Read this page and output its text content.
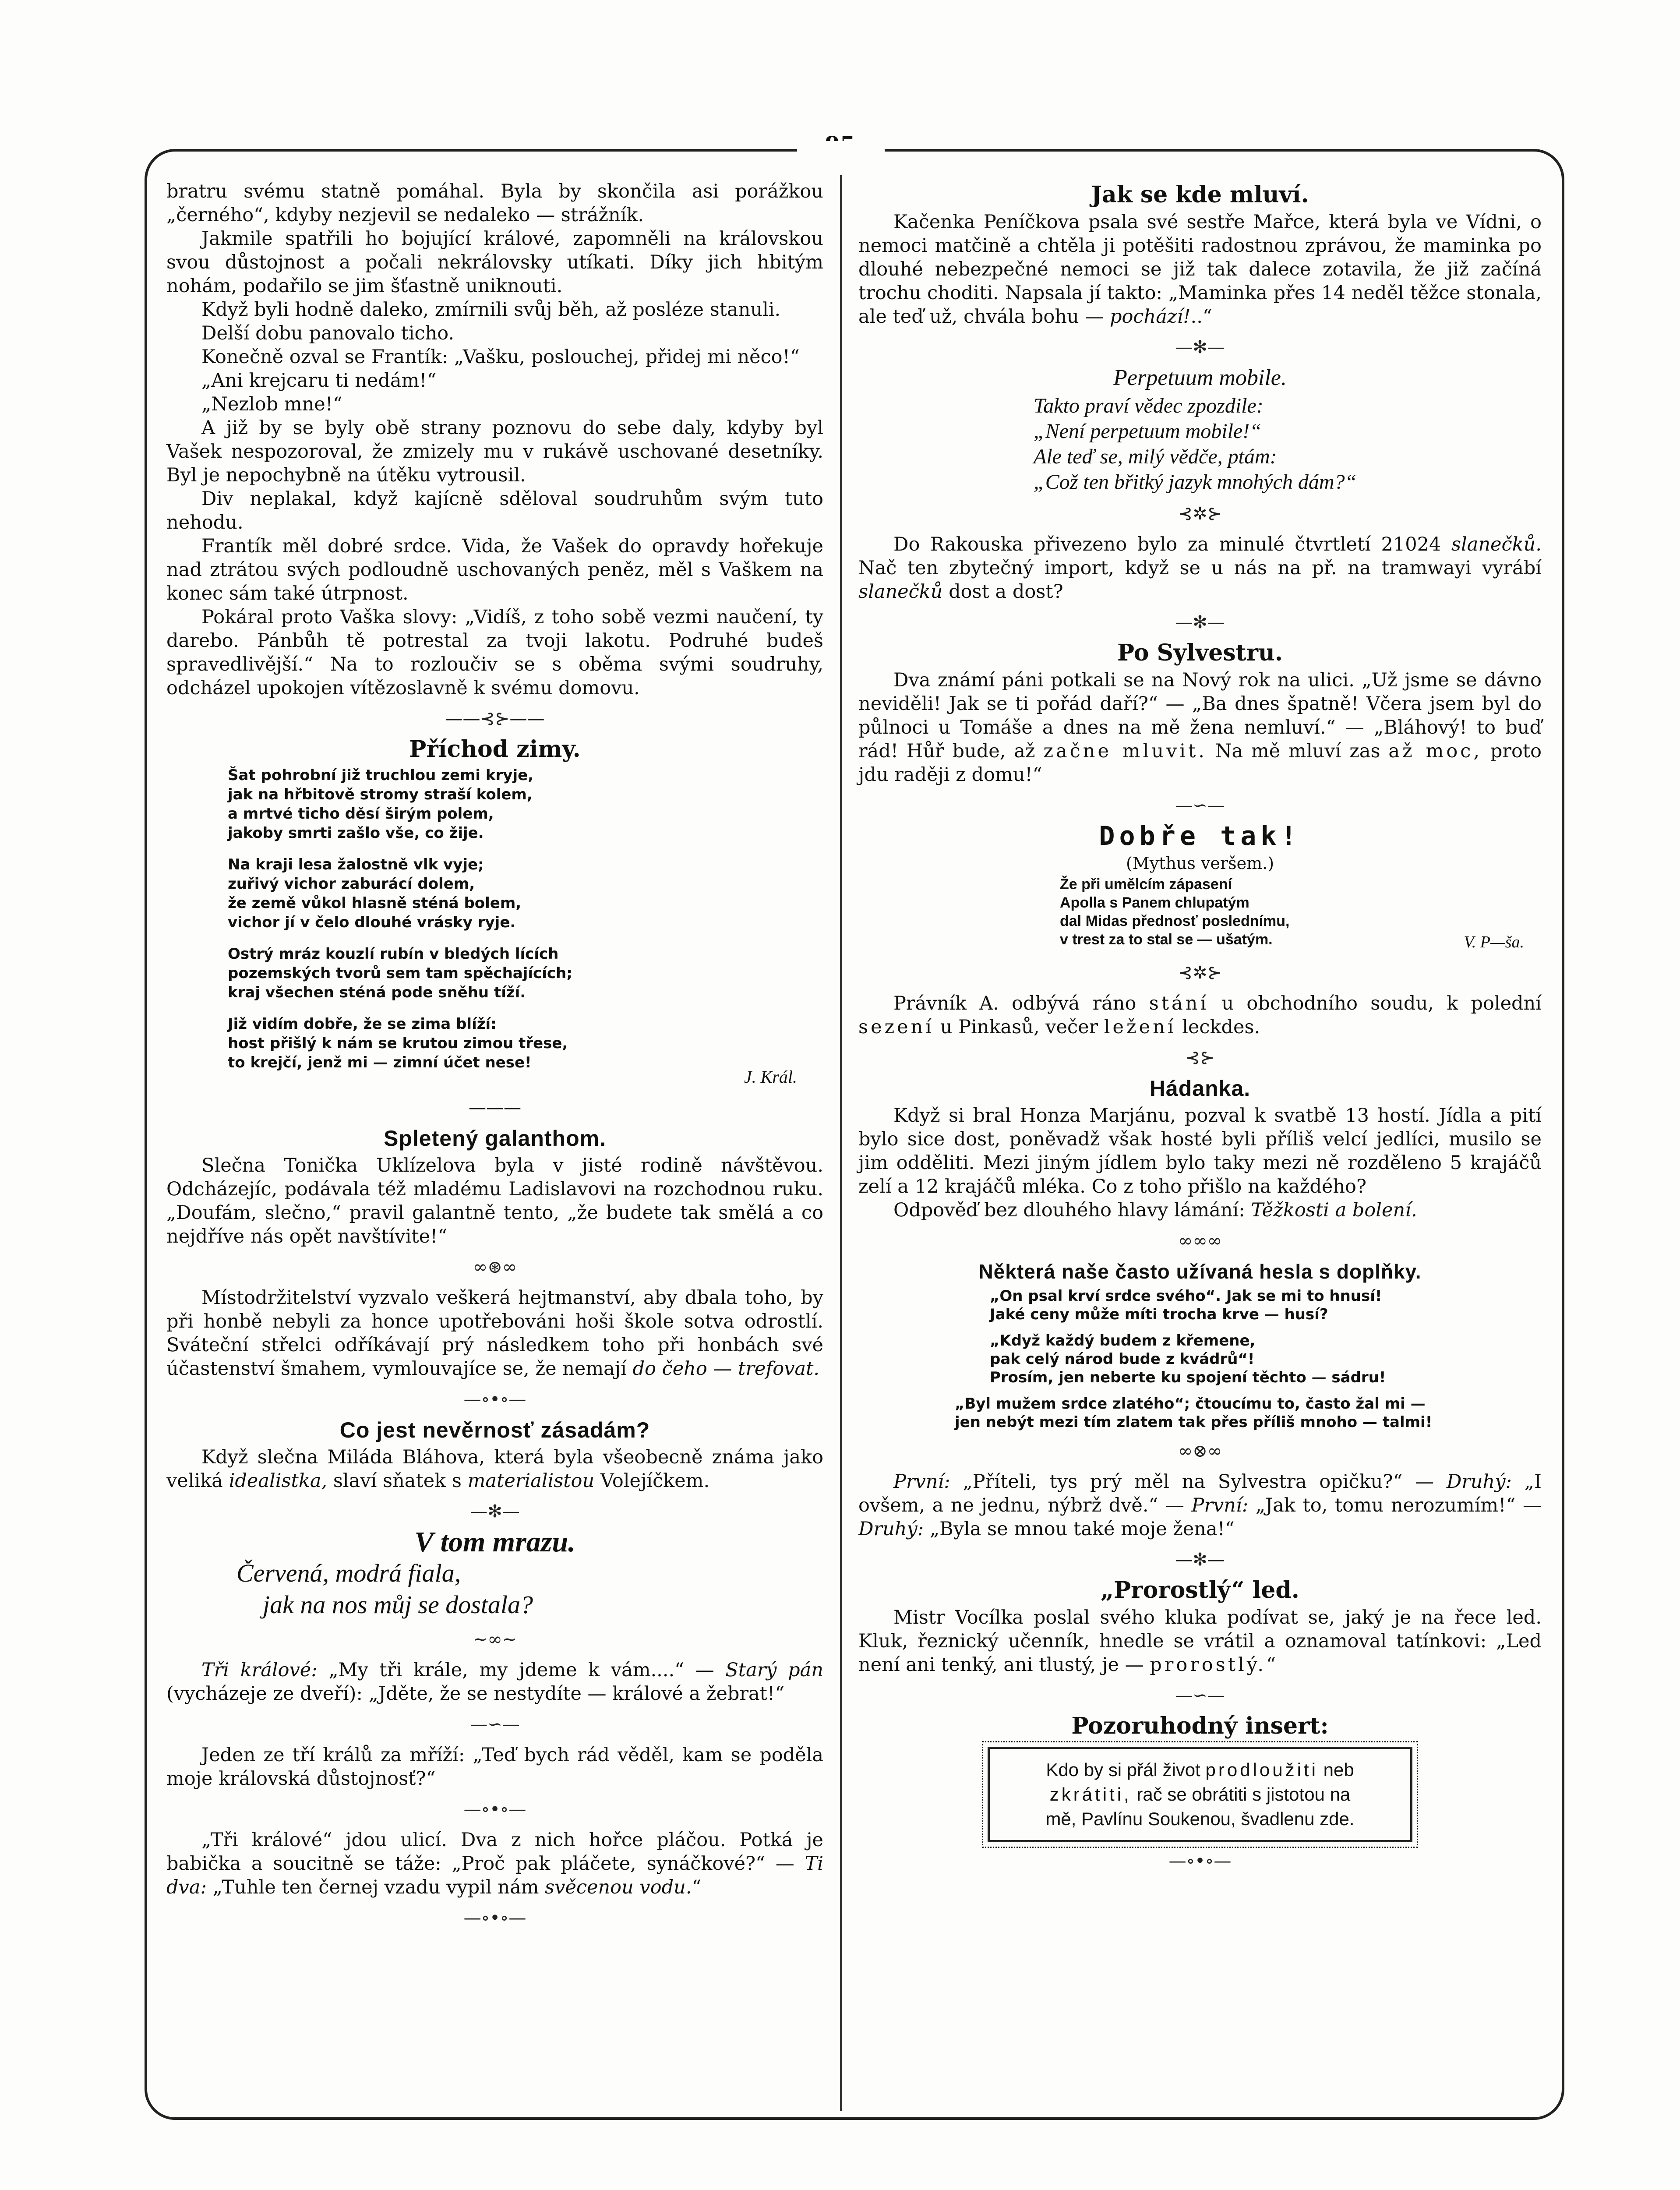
bratru svému statně pomáhal. Byla by skončila asi porážkou „černého“, kdyby nezjevil se nedaleko — strážník.

Jakmile spatřili ho bojující králové, zapomněli na královskou svou důstojnost a počali nekrálovsky utíkati. Díky jich hbitým nohám, podařilo se jim šťastně uniknouti.

Když byli hodně daleko, zmírnili svůj běh, až posléze stanuli.

Delší dobu panovalo ticho.

Konečně ozval se Frantík: „Vašku, poslouchej, přidej mi něco!“

„Ani krejcaru ti nedám!“

„Nezlob mne!“

A již by se byly obě strany poznovu do sebe daly, kdyby byl Vašek nespozoroval, že zmizely mu v rukávě uschované desetníky. Byl je nepochybně na útěku vytrousil.

Div neplakal, když kajícně sděloval soudruhům svým tuto nehodu.

Frantík měl dobré srdce. Vida, že Vašek do opravdy hořekuje nad ztrátou svých podloudně uschovaných peněz, měl s Vaškem na konec sám také útrpnost.

Pokáral proto Vaška slovy: „Vidíš, z toho sobě vezmi naučení, ty darebo. Pánbůh tě potrestal za tvoji lakotu. Podruhé budeš spravedlivější.“ Na to rozloučiv se s oběma svými soudruhy, odcházel upokojen vítězoslavně k svému domovu.

——⊰⊱——
Příchod zimy.

Šat pohrobní již truchlou zemi kryje,

jak na hřbitově stromy straší kolem,

a mrtvé ticho děsí širým polem,

jakoby smrti zašlo vše, co žije.

Na kraji lesa žalostně vlk vyje;

zuřivý vichor zaburácí dolem,

že země vůkol hlasně sténá bolem,

vichor jí v čelo dlouhé vrásky ryje.

Ostrý mráz kouzlí rubín v bledých lících

pozemských tvorů sem tam spěchajících;

kraj všechen sténá pode sněhu tíží.

Již vidím dobře, že se zima blíží:

host přišlý k nám se krutou zimou třese,

to krejčí, jenž mi — zimní účet nese!

J. Král.
———
Spletený galanthom.

Slečna Tonička Uklízelova byla v jisté rodině návštěvou. Odcházejíc, podávala též mladému Ladislavovi na rozchodnou ruku. „Doufám, slečno,“ pravil galantně tento, „že budete tak smělá a co nejdříve nás opět navštívite!“

∞⊛∞

Místodržitelství vyzvalo veškerá hejtmanství, aby dbala toho, by při honbě nebyli za honce upotřebováni hoši škole sotva odrostlí. Sváteční střelci odříkávají prý následkem toho při honbách své účastenství šmahem, vymlouvajíce se, že nemají do čeho — trefovat.

—∘•∘—
Co jest nevěrnosť zásadám?

Když slečna Miláda Bláhova, která byla všeobecně známa jako veliká idealistka, slaví sňatek s materialistou Volejíčkem.

—✻—
V tom mrazu.

Červená, modrá fiala,

jak na nos můj se dostala?

~∞~

Tři králové: „My tři krále, my jdeme k vám....“ — Starý pán (vycházeje ze dveří): „Jděte, že se nestydíte — králové a žebrat!“

—∽—

Jeden ze tří králů za mříží: „Teď bych rád věděl, kam se poděla moje královská důstojnosť?“

—∘•∘—

„Tři králové“ jdou ulicí. Dva z nich hořce pláčou. Potká je babička a soucitně se táže: „Proč pak pláčete, synáčkové?“ — Ti dva: „Tuhle ten černej vzadu vypil nám svěcenou vodu.“

—∘•∘—
Jak se kde mluví.

Kačenka Peníčkova psala své sestře Mařce, která byla ve Vídni, o nemoci matčině a chtěla ji potěšiti radostnou zprávou, že maminka po dlouhé nebezpečné nemoci se již tak dalece zotavila, že již začíná trochu choditi. Napsala jí takto: „Maminka přes 14 neděl těžce stonala, ale teď už, chvála bohu — pochází!..“

—✻—
Perpetuum mobile.

Takto praví vědec zpozdile:

„Není perpetuum mobile!“

Ale teď se, milý vědče, ptám:

„Což ten břitký jazyk mnohých dám?“

⊰✲⊱

Do Rakouska přivezeno bylo za minulé čtvrtletí 21024 slanečků. Nač ten zbytečný import, když se u nás na př. na tramwayi vyrábí slanečků dost a dost?

—✻—
Po Sylvestru.

Dva známí páni potkali se na Nový rok na ulici. „Už jsme se dávno neviděli! Jak se ti pořád daří?“ — „Ba dnes špatně! Včera jsem byl do půlnoci u Tomáše a dnes na mě žena nemluví.“ — „Bláhový! to buď rád! Hůř bude, až začne mluvit. Na mě mluví zas až moc, proto jdu raději z domu!“

—∽—
Dobře tak!
(Mythus veršem.)

Že při umělcím zápasení

Apolla s Panem chlupatým

dal Midas přednosť poslednímu,

v trest za to stal se — ušatým.	V. P—ša.
⊰✲⊱

Právník A. odbývá ráno stání u obchodního soudu, k polední sezení u Pinkasů, večer ležení leckdes.

⊰⊱
Hádanka.

Když si bral Honza Marjánu, pozval k svatbě 13 hostí. Jídla a pití bylo sice dost, poněvadž však hosté byli příliš velcí jedlíci, musilo se jim odděliti. Mezi jiným jídlem bylo taky mezi ně rozděleno 5 krajáčů zelí a 12 krajáčů mléka. Co z toho přišlo na každého?

Odpověď bez dlouhého hlavy lámání: Těžkosti a bolení.

∞∞∞
Některá naše často užívaná hesla s doplňky.

„On psal krví srdce svého“. Jak se mi to hnusí!

Jaké ceny může míti trocha krve — husí?

„Když každý budem z křemene,

pak celý národ bude z kvádrů“!

Prosím, jen neberte ku spojení těchto — sádru!

„Byl mužem srdce zlatého“; čtoucímu to, často žal mi —

jen nebýt mezi tím zlatem tak přes příliš mnoho — talmi!

∞⊗∞

První: „Příteli, tys prý měl na Sylvestra opičku?“ — Druhý: „I ovšem, a ne jednu, nýbrž dvě.“ — První: „Jak to, tomu nerozumím!“ — Druhý: „Byla se mnou také moje žena!“

—✻—
„Prorostlý“ led.

Mistr Vocílka poslal svého kluka podívat se, jaký je na řece led. Kluk, řeznický učenník, hnedle se vrátil a oznamoval tatínkovi: „Led není ani tenký, ani tlustý, je — prorostlý.“

—∽—
Pozoruhodný insert:
Kdo by si přál život prodloužiti neb
zkrátiti, rač se obrátiti s jistotou na
mě, Pavlínu Soukenou, švadlenu zde.
—∘•∘—
